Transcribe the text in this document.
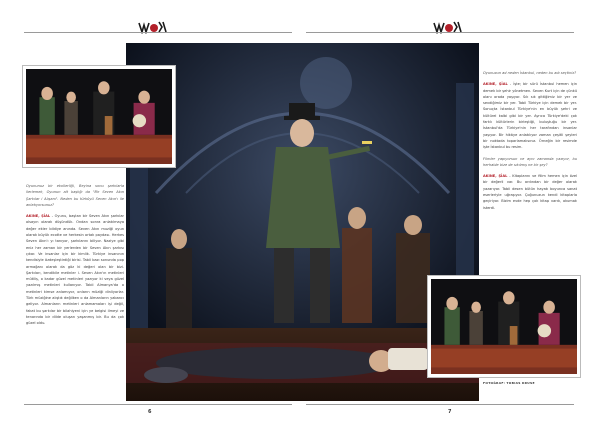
Oyununuz bir ekollerliği, Beyina sonu şarkılarla ilerlemek, Oyunun alt başlığı da "Bir Seven Akın Şarkılar i Alışanı". Neden bu türküyü Seven Akın'ı ile anlatıyorsunuz?

AKINE, ŞİAL - Oyunu, baştan bir Seven Akın şarkılar olsayın olarak düşündük. Ondan sonra anlatılmaya değer ekler bildiye anında. Seven Akın muziği oyun olarak büyük ecotte ve herkesin ortak paydası. Herkes Seven Akın'ı yı tanıyor, şarkılarını biliyor. Naziye gibi eniz her zaman bir yerlerden bir Seven Akın şarkısı çıkar. Ve insanlar için bir kimlik. Türkiye insanının kendisiyle özdeşleştirdiği birisi. Tabii bazı sonunda pop armağanı olarak da göz ki değeri olan bir bizi. Şarkıları, kendikile metinler i. Seven Akın'ın metinleri mütiliş, o kadar güzel metinleri yazıyor ki veya güzel yazılmış metinleri kullanıyor. Tabii Almanya'da o metinleri kimse anlamıyor, onların müziği dinliyorlar. Türk müziğine alıştık değilken o da Almanların yabancı geliyor. Almanların metinleri anlamamaları işi değil, fakat bu şarkılar bir bilahiyeni için ye belgisi ilmeyi ve tenarında bir dilde oluşan yaşanmış bir. Bu da çok güzel oldu.

Oyunuzun ad neden İstanbul, neden bu adı seçtiniz?

AKINE, ŞİAL - İşte; bir sürü İstanbul hemen için demek bir şehir yönetmen. Seven Kurt için de çünkü olanı orada yaşıyor. Sık sık gittiğimiz bir yer ve sevdiğimiz bir yer. Tabii Türkiye için demek bir yer. Sonuçta İstanbul Türkiye'nin en büyük şehri ve kültürel kalbi gibi bir yer. Ayrıca Türkiye'deki çok farklı kültürlerin birleştiği, buluştuğu bir yer. İstanbul'da Türkiye'nin her tarafından insanlar yaşıyor. Bir hikâye anlatılıyor zaman çeşitli şeyleri bir noktada toparlamalısınız. Örneğin bir resimde işte İstanbul bu resim.

Filmler yapıyorsun ve aynı zamanda yazıyor, bu herhalde bize de sıkılmış ne bir şey?

AKINE, ŞİAL - Kitaplarını ve filim hemen için özel bir değerli var. Bu ardından bir değer olarak yazarıyor. Tabii desen bütün hayatı boyunca sanat eserleriyle uğraşıyor. Çoğunuzun kendi kitaplarla geçiriyor. Bizim evde hep çok kitap vardı, okumak isterdi.

6	7
FOTOĞRAF: TOBIAS KRUSE
